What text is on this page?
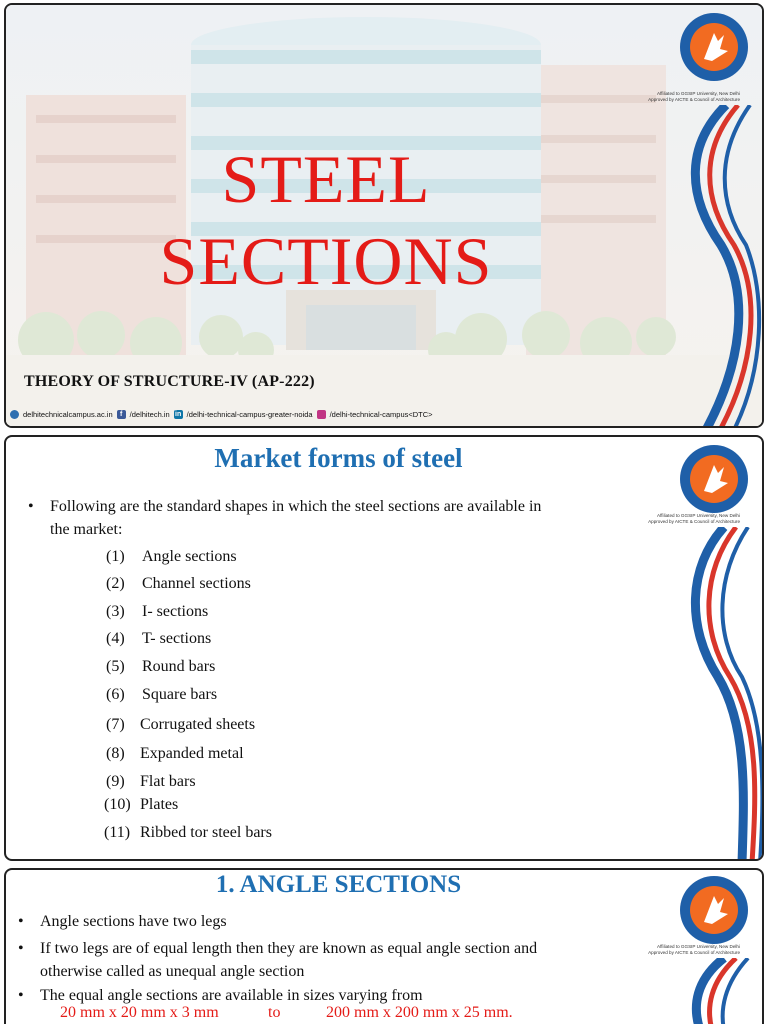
STEEL
SECTIONS
THEORY OF STRUCTURE-IV (AP-222)
delhitechnicalcampus.ac.in	f /delhitech.in in /delhi-technical-campus-greater-noida /delhi-technical-campus<DTC>
Affiliated to GGSIP University, New Delhi
Approved by AICTE & Council of Architecture
Market forms of steel
• Following are the standard shapes in which the steel sections are available in
the market:
(1) Angle sections
(2) Channel sections
(3) I- sections
(4) T- sections
(5) Round bars
(6) Square bars
(7) Corrugated sheets
(8) Expanded metal
(9) Flat bars
(10) Plates
(11) Ribbed tor steel bars
Affiliated to GGSIP University, New Delhi
Approved by AICTE & Council of Architecture
1. ANGLE SECTIONS
• Angle sections have two legs
• If two legs are of equal length then they are known as equal angle section and
otherwise called as unequal angle section
• The equal angle sections are available in sizes varying from
20 mm x 20 mm x 3 mm	to	200 mm x 200 mm x 25 mm.
Affiliated to GGSIP University, New Delhi
Approved by AICTE & Council of Architecture
